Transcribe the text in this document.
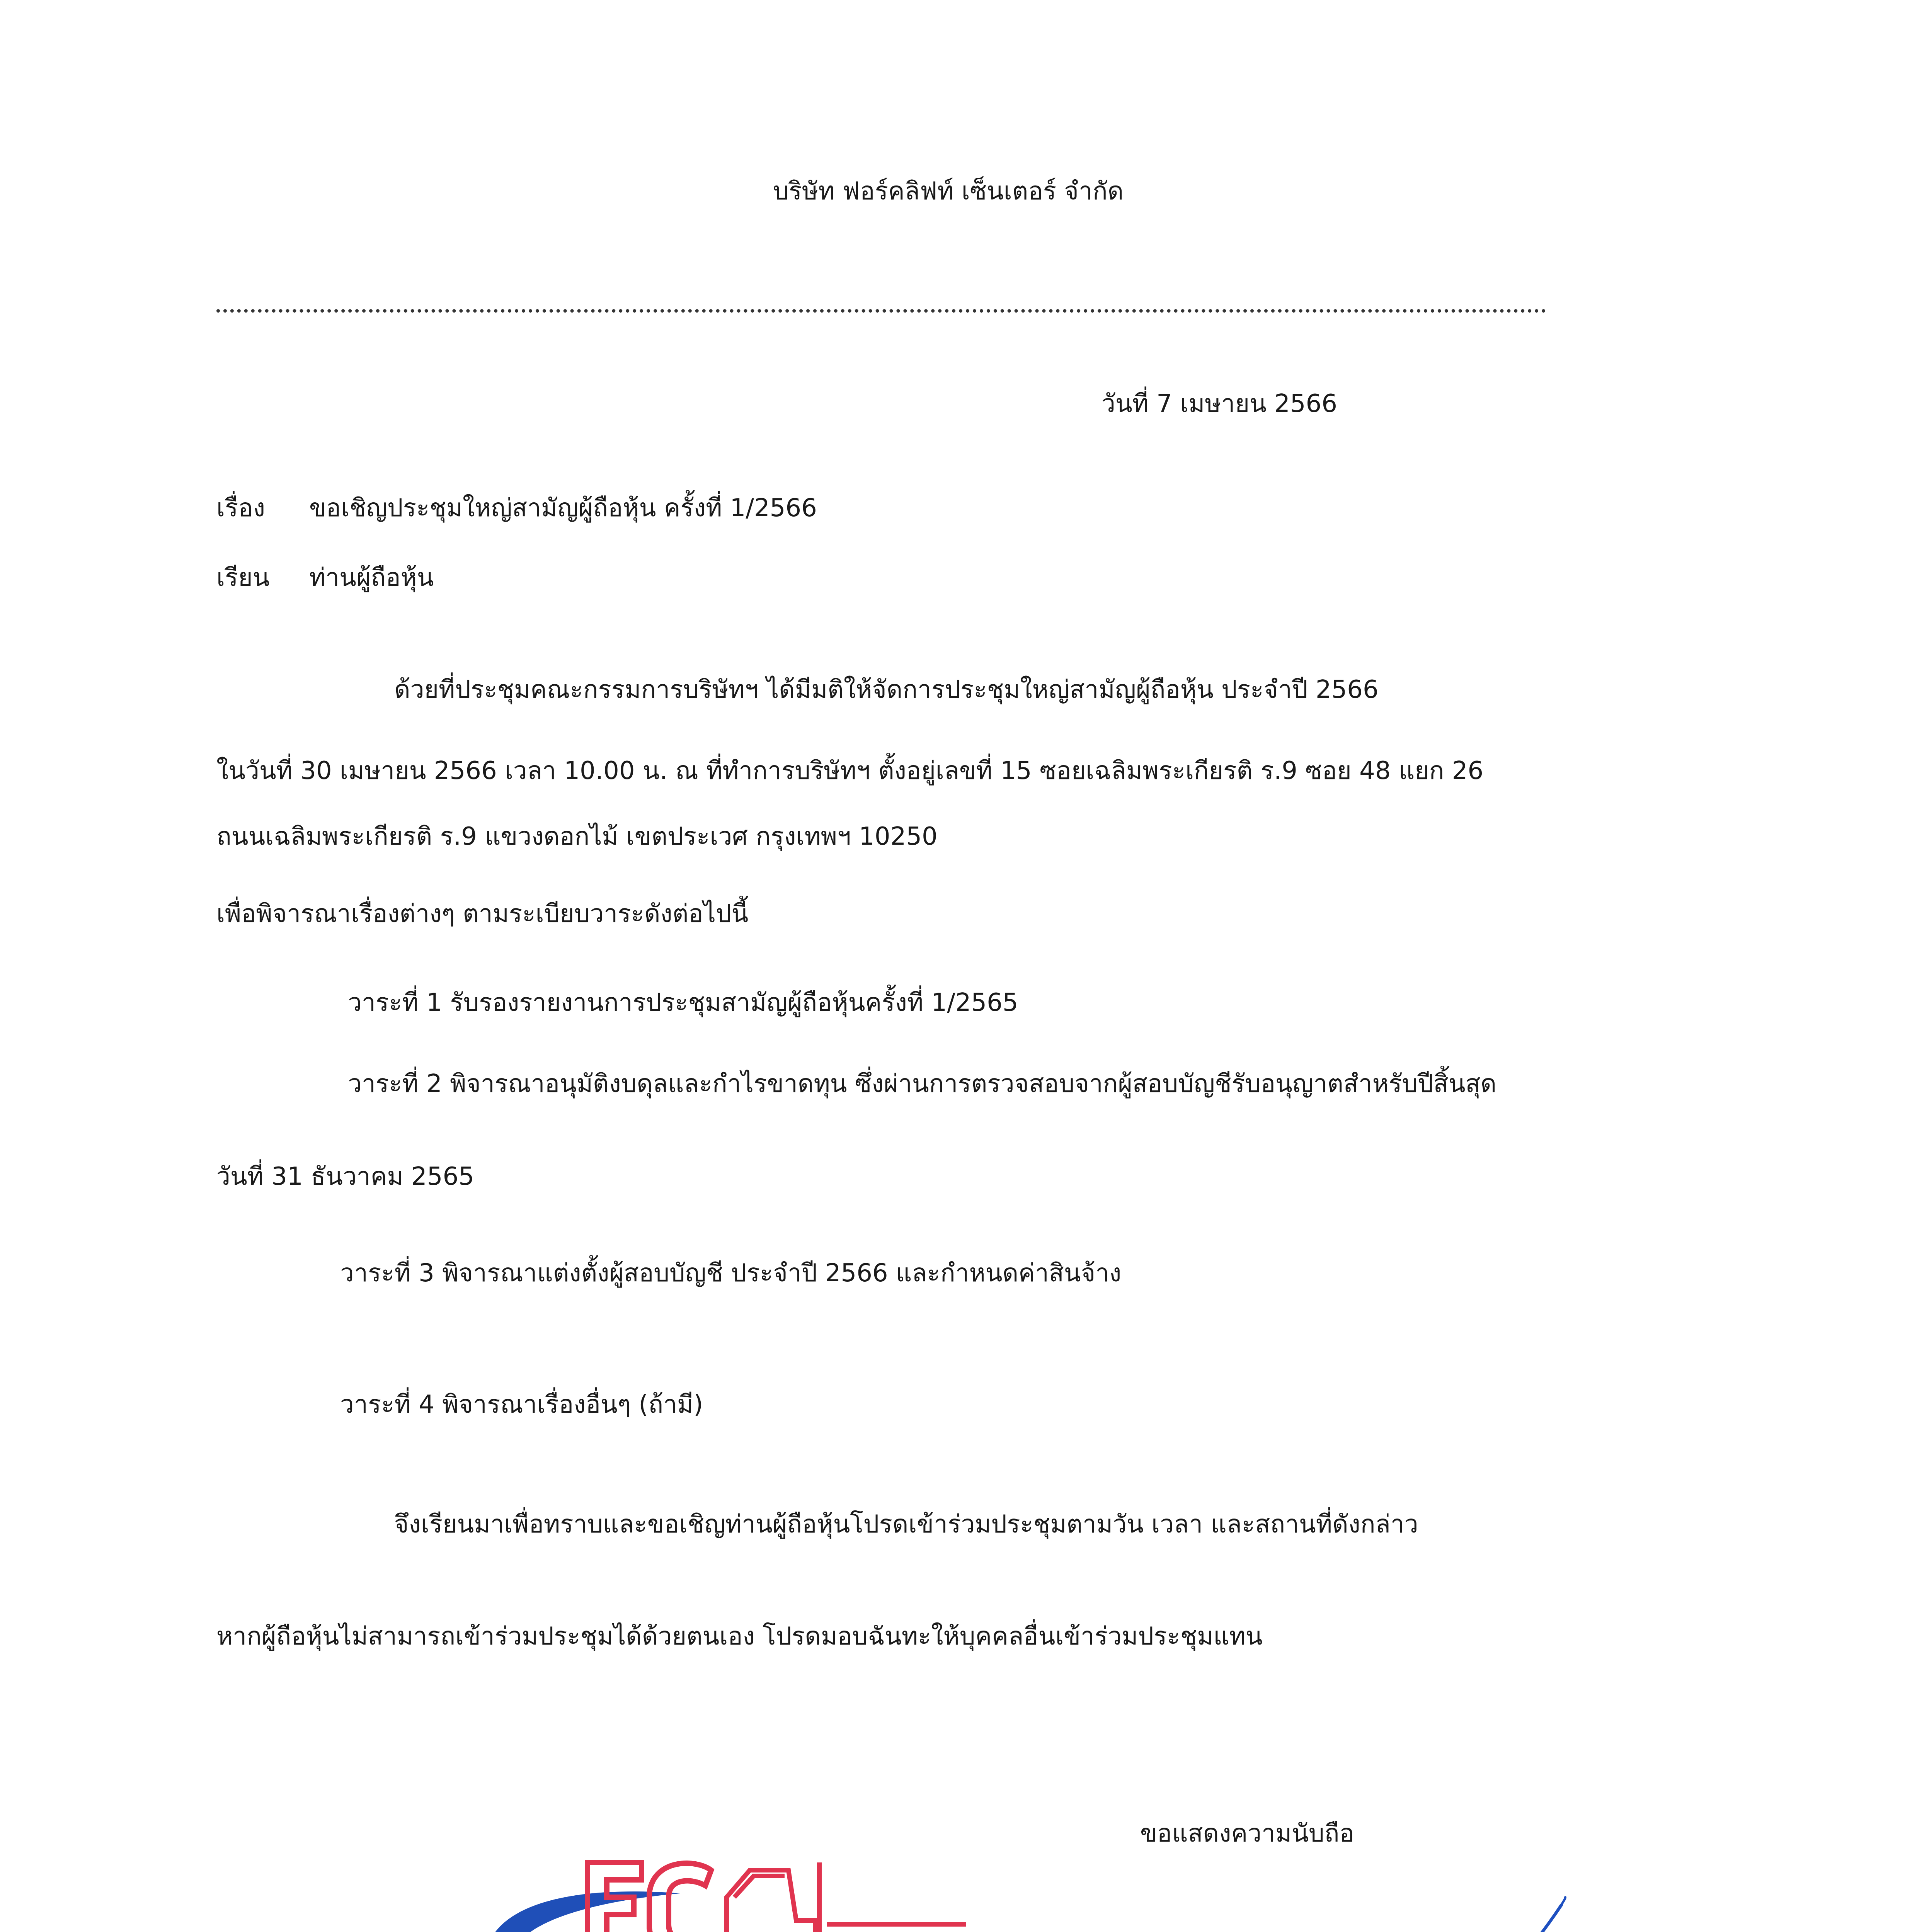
บริษัท ฟอร์คลิฟท์ เซ็นเตอร์ จำกัด
วันที่ 7 เมษายน 2566
เรื่อง ขอเชิญประชุมใหญ่สามัญผู้ถือหุ้น ครั้งที่ 1/2566
เรียน ท่านผู้ถือหุ้น
ด้วยที่ประชุมคณะกรรมการบริษัทฯ ได้มีมติให้จัดการประชุมใหญ่สามัญผู้ถือหุ้น ประจำปี 2566
ในวันที่ 30 เมษายน 2566 เวลา 10.00 น. ณ ที่ทำการบริษัทฯ ตั้งอยู่เลขที่ 15 ซอยเฉลิมพระเกียรติ ร.9 ซอย 48 แยก 26
ถนนเฉลิมพระเกียรติ ร.9 แขวงดอกไม้ เขตประเวศ กรุงเทพฯ 10250
เพื่อพิจารณาเรื่องต่างๆ ตามระเบียบวาระดังต่อไปนี้
วาระที่ 1 รับรองรายงานการประชุมสามัญผู้ถือหุ้นครั้งที่ 1/2565
วาระที่ 2 พิจารณาอนุมัติงบดุลและกำไรขาดทุน ซึ่งผ่านการตรวจสอบจากผู้สอบบัญชีรับอนุญาตสำหรับปีสิ้นสุด
วันที่ 31 ธันวาคม 2565
วาระที่ 3 พิจารณาแต่งตั้งผู้สอบบัญชี ประจำปี 2566 และกำหนดค่าสินจ้าง
วาระที่ 4 พิจารณาเรื่องอื่นๆ (ถ้ามี)
จึงเรียนมาเพื่อทราบและขอเชิญท่านผู้ถือหุ้นโปรดเข้าร่วมประชุมตามวัน เวลา และสถานที่ดังกล่าว
หากผู้ถือหุ้นไม่สามารถเข้าร่วมประชุมได้ด้วยตนเอง โปรดมอบฉันทะให้บุคคลอื่นเข้าร่วมประชุมแทน
ขอแสดงความนับถือ
